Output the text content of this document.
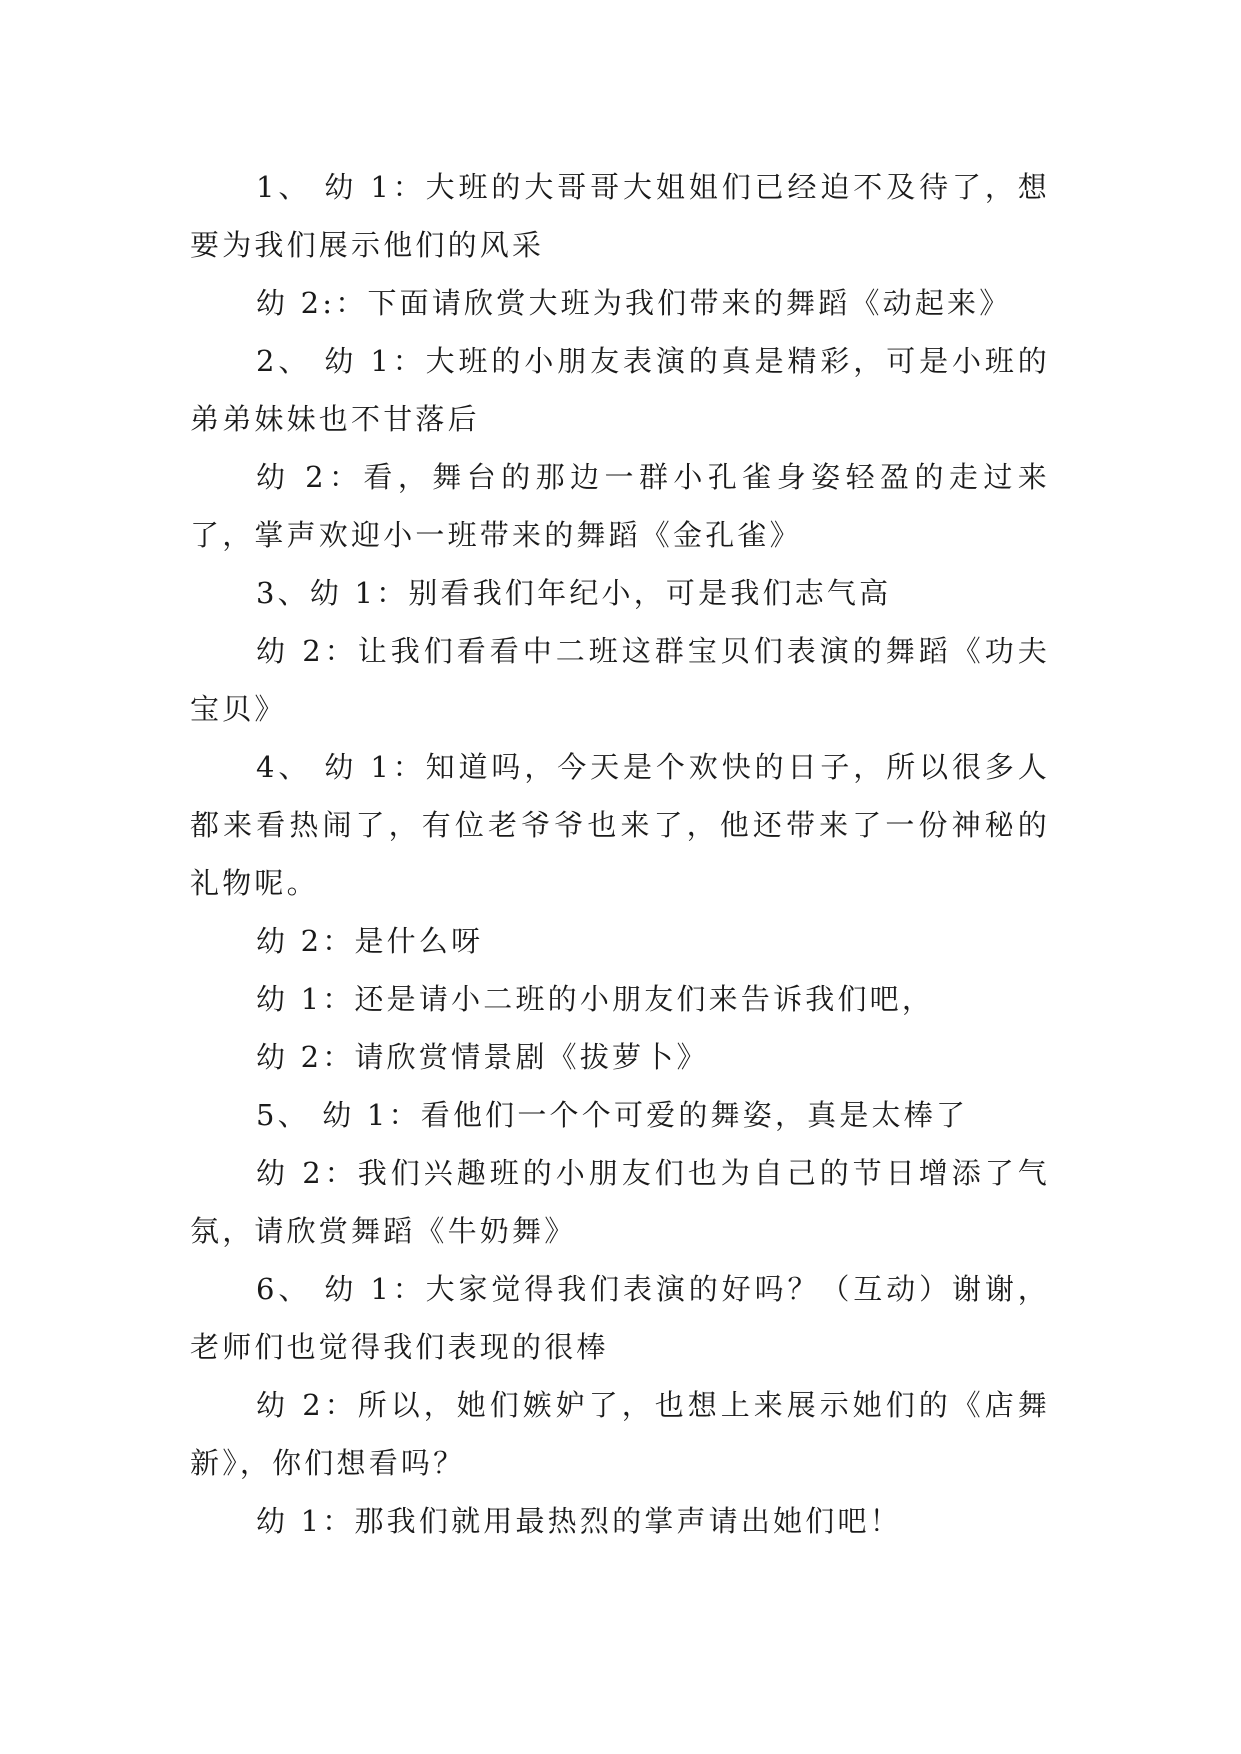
1、 幼 1：大班的大哥哥大姐姐们已经迫不及待了，想要为我们展示他们的风采

幼 2:：下面请欣赏大班为我们带来的舞蹈《动起来》

2、 幼 1：大班的小朋友表演的真是精彩，可是小班的弟弟妹妹也不甘落后

幼 2：看，舞台的那边一群小孔雀身姿轻盈的走过来了，掌声欢迎小一班带来的舞蹈《金孔雀》

3、幼 1：别看我们年纪小，可是我们志气高

幼 2：让我们看看中二班这群宝贝们表演的舞蹈《功夫宝贝》

4、 幼 1：知道吗，今天是个欢快的日子，所以很多人都来看热闹了，有位老爷爷也来了，他还带来了一份神秘的礼物呢。

幼 2：是什么呀

幼 1：还是请小二班的小朋友们来告诉我们吧，

幼 2：请欣赏情景剧《拔萝卜》

5、 幼 1：看他们一个个可爱的舞姿，真是太棒了

幼 2：我们兴趣班的小朋友们也为自己的节日增添了气氛，请欣赏舞蹈《牛奶舞》

6、 幼 1：大家觉得我们表演的好吗？（互动）谢谢，老师们也觉得我们表现的很棒

幼 2：所以，她们嫉妒了，也想上来展示她们的《店舞新》，你们想看吗？

幼 1：那我们就用最热烈的掌声请出她们吧！
